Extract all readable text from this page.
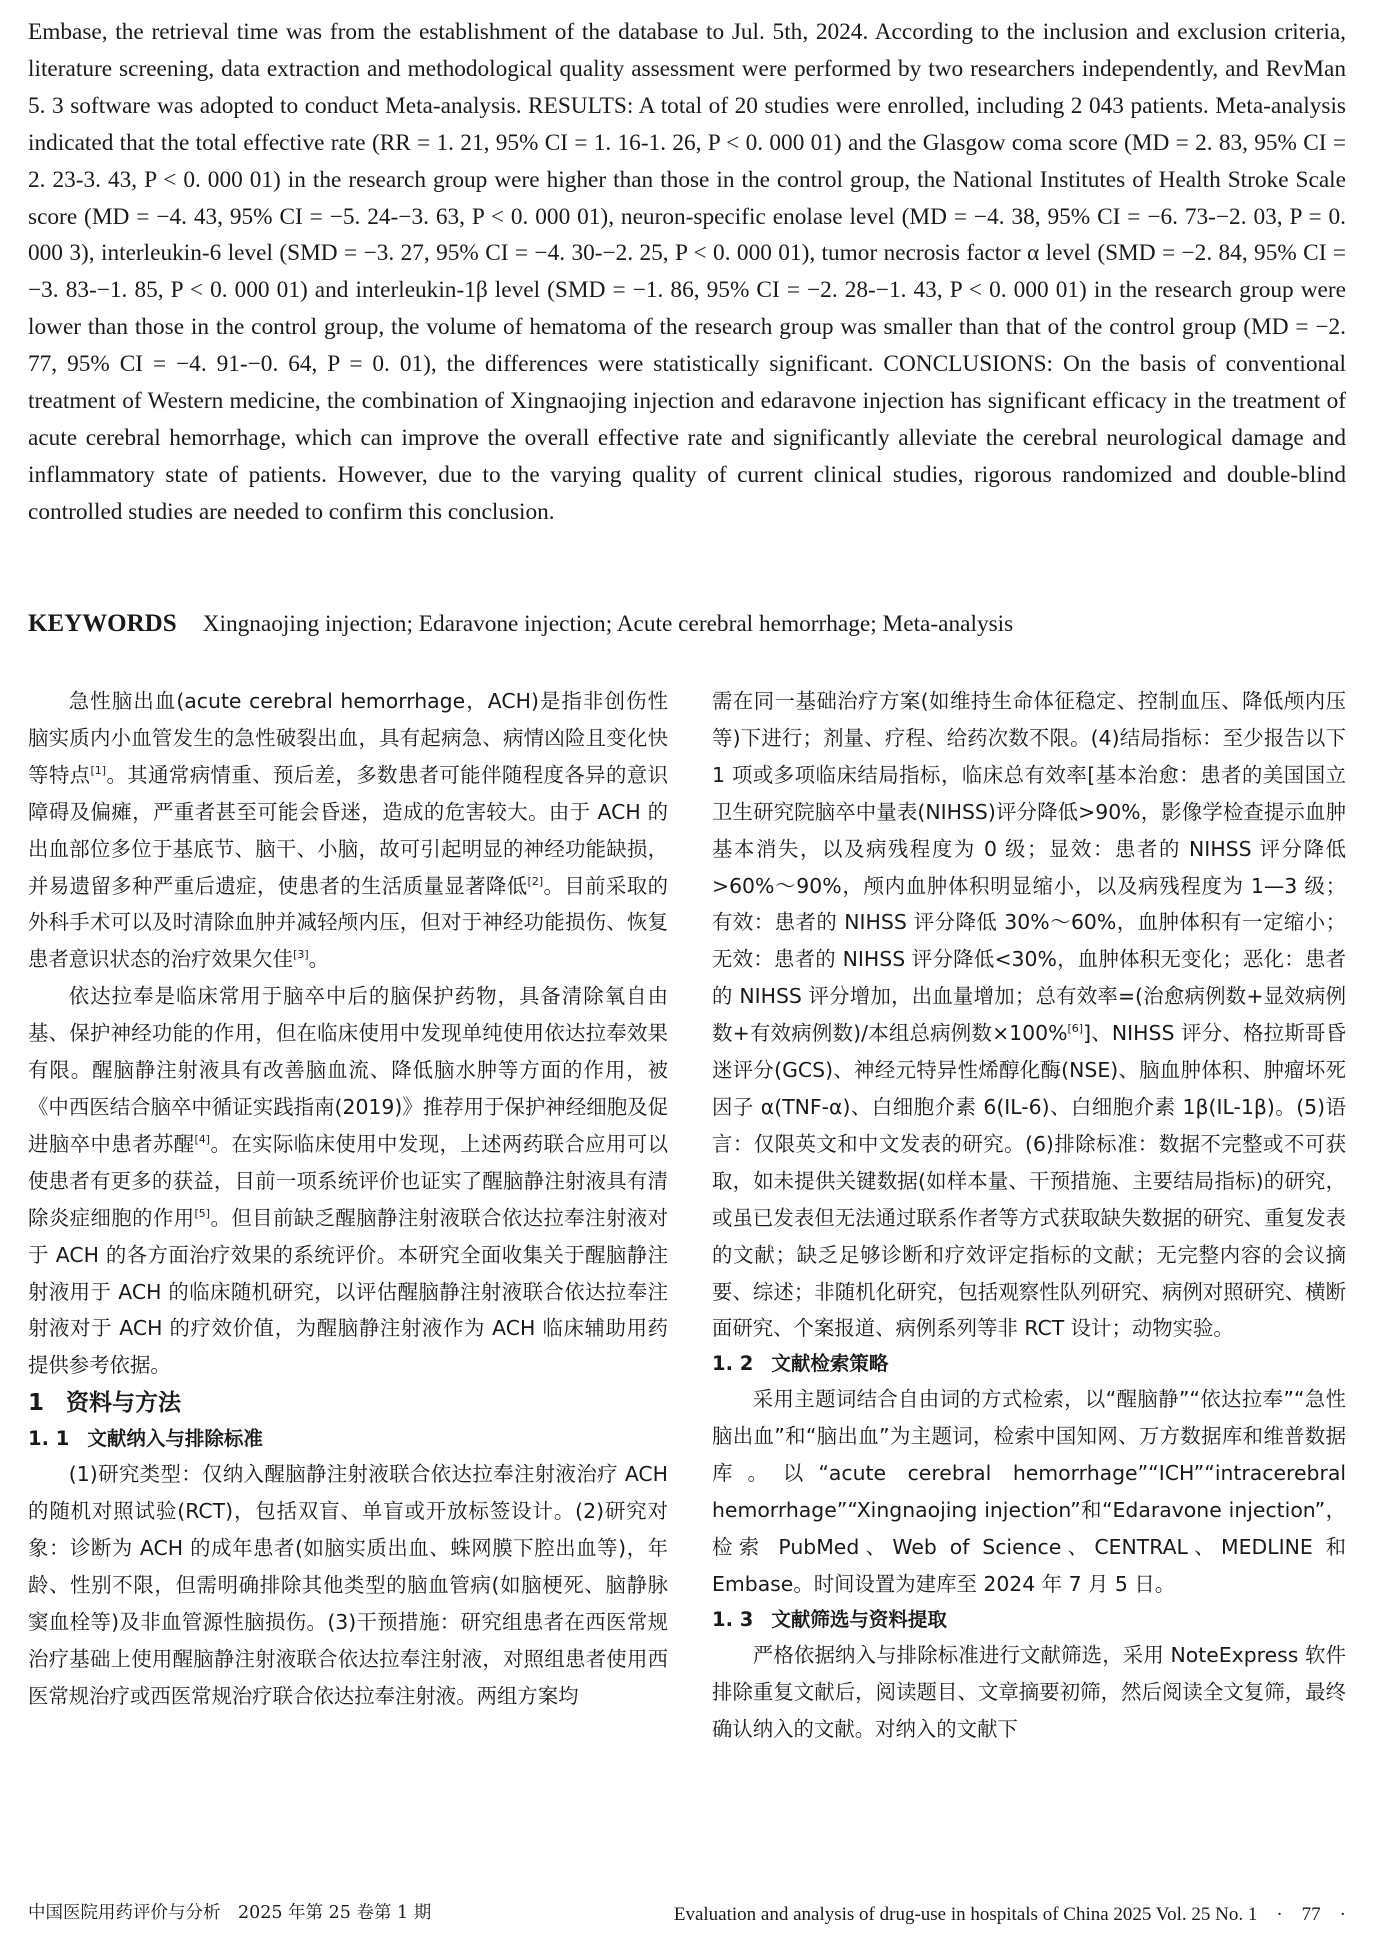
Embase, the retrieval time was from the establishment of the database to Jul. 5th, 2024. According to the inclusion and exclusion criteria, literature screening, data extraction and methodological quality assessment were performed by two researchers independently, and RevMan 5. 3 software was adopted to conduct Meta-analysis. RESULTS: A total of 20 studies were enrolled, including 2 043 patients. Meta-analysis indicated that the total effective rate (RR = 1. 21, 95% CI = 1. 16-1. 26, P < 0. 000 01) and the Glasgow coma score (MD = 2. 83, 95% CI = 2. 23-3. 43, P < 0. 000 01) in the research group were higher than those in the control group, the National Institutes of Health Stroke Scale score (MD = −4. 43, 95% CI = −5. 24-−3. 63, P < 0. 000 01), neuron-specific enolase level (MD = −4. 38, 95% CI = −6. 73-−2. 03, P = 0. 000 3), interleukin-6 level (SMD = −3. 27, 95% CI = −4. 30-−2. 25, P < 0. 000 01), tumor necrosis factor α level (SMD = −2. 84, 95% CI = −3. 83-−1. 85, P < 0. 000 01) and interleukin-1β level (SMD = −1. 86, 95% CI = −2. 28-−1. 43, P < 0. 000 01) in the research group were lower than those in the control group, the volume of hematoma of the research group was smaller than that of the control group (MD = −2. 77, 95% CI = −4. 91-−0. 64, P = 0. 01), the differences were statistically significant. CONCLUSIONS: On the basis of conventional treatment of Western medicine, the combination of Xingnaojing injection and edaravone injection has significant efficacy in the treatment of acute cerebral hemorrhage, which can improve the overall effective rate and significantly alleviate the cerebral neurological damage and inflammatory state of patients. However, due to the varying quality of current clinical studies, rigorous randomized and double-blind controlled studies are needed to confirm this conclusion.

KEYWORDS Xingnaojing injection; Edaravone injection; Acute cerebral hemorrhage; Meta-analysis

急性脑出血(acute cerebral hemorrhage，ACH)是指非创伤性脑实质内小血管发生的急性破裂出血，具有起病急、病情凶险且变化快等特点[1]。其通常病情重、预后差，多数患者可能伴随程度各异的意识障碍及偏瘫，严重者甚至可能会昏迷，造成的危害较大。由于 ACH 的出血部位多位于基底节、脑干、小脑，故可引起明显的神经功能缺损，并易遗留多种严重后遗症，使患者的生活质量显著降低[2]。目前采取的外科手术可以及时清除血肿并减轻颅内压，但对于神经功能损伤、恢复患者意识状态的治疗效果欠佳[3]。

依达拉奉是临床常用于脑卒中后的脑保护药物，具备清除氧自由基、保护神经功能的作用，但在临床使用中发现单纯使用依达拉奉效果有限。醒脑静注射液具有改善脑血流、降低脑水肿等方面的作用，被《中西医结合脑卒中循证实践指南(2019)》推荐用于保护神经细胞及促进脑卒中患者苏醒[4]。在实际临床使用中发现，上述两药联合应用可以使患者有更多的获益，目前一项系统评价也证实了醒脑静注射液具有清除炎症细胞的作用[5]。但目前缺乏醒脑静注射液联合依达拉奉注射液对于 ACH 的各方面治疗效果的系统评价。本研究全面收集关于醒脑静注射液用于 ACH 的临床随机研究，以评估醒脑静注射液联合依达拉奉注射液对于 ACH 的疗效价值，为醒脑静注射液作为 ACH 临床辅助用药提供参考依据。

1 资料与方法
1. 1 文献纳入与排除标准

(1)研究类型：仅纳入醒脑静注射液联合依达拉奉注射液治疗 ACH 的随机对照试验(RCT)，包括双盲、单盲或开放标签设计。(2)研究对象：诊断为 ACH 的成年患者(如脑实质出血、蛛网膜下腔出血等)，年龄、性别不限，但需明确排除其他类型的脑血管病(如脑梗死、脑静脉窦血栓等)及非血管源性脑损伤。(3)干预措施：研究组患者在西医常规治疗基础上使用醒脑静注射液联合依达拉奉注射液，对照组患者使用西医常规治疗或西医常规治疗联合依达拉奉注射液。两组方案均

需在同一基础治疗方案(如维持生命体征稳定、控制血压、降低颅内压等)下进行；剂量、疗程、给药次数不限。(4)结局指标：至少报告以下 1 项或多项临床结局指标，临床总有效率[基本治愈：患者的美国国立卫生研究院脑卒中量表(NIHSS)评分降低>90%，影像学检查提示血肿基本消失，以及病残程度为 0 级；显效：患者的 NIHSS 评分降低>60%～90%，颅内血肿体积明显缩小，以及病残程度为 1—3 级；有效：患者的 NIHSS 评分降低 30%～60%，血肿体积有一定缩小；无效：患者的 NIHSS 评分降低<30%，血肿体积无变化；恶化：患者的 NIHSS 评分增加，出血量增加；总有效率=(治愈病例数+显效病例数+有效病例数)/本组总病例数×100%[6]]、NIHSS 评分、格拉斯哥昏迷评分(GCS)、神经元特异性烯醇化酶(NSE)、脑血肿体积、肿瘤坏死因子 α(TNF-α)、白细胞介素 6(IL-6)、白细胞介素 1β(IL-1β)。(5)语言：仅限英文和中文发表的研究。(6)排除标准：数据不完整或不可获取，如未提供关键数据(如样本量、干预措施、主要结局指标)的研究，或虽已发表但无法通过联系作者等方式获取缺失数据的研究、重复发表的文献；缺乏足够诊断和疗效评定指标的文献；无完整内容的会议摘要、综述；非随机化研究，包括观察性队列研究、病例对照研究、横断面研究、个案报道、病例系列等非 RCT 设计；动物实验。

1. 2 文献检索策略

采用主题词结合自由词的方式检索，以“醒脑静”“依达拉奉”“急性脑出血”和“脑出血”为主题词，检索中国知网、万方数据库和维普数据库。以“acute cerebral hemorrhage”“ICH”“intracerebral hemorrhage”“Xingnaojing injection”和“Edaravone injection”，检索 PubMed、Web of Science、CENTRAL、MEDLINE 和 Embase。时间设置为建库至 2024 年 7 月 5 日。

1. 3 文献筛选与资料提取

严格依据纳入与排除标准进行文献筛选，采用 NoteExpress 软件排除重复文献后，阅读题目、文章摘要初筛，然后阅读全文复筛，最终确认纳入的文献。对纳入的文献下

中国医院用药评价与分析　2025 年第 25 卷第 1 期	Evaluation and analysis of drug-use in hospitals of China 2025 Vol. 25 No. 1　·　77　·
